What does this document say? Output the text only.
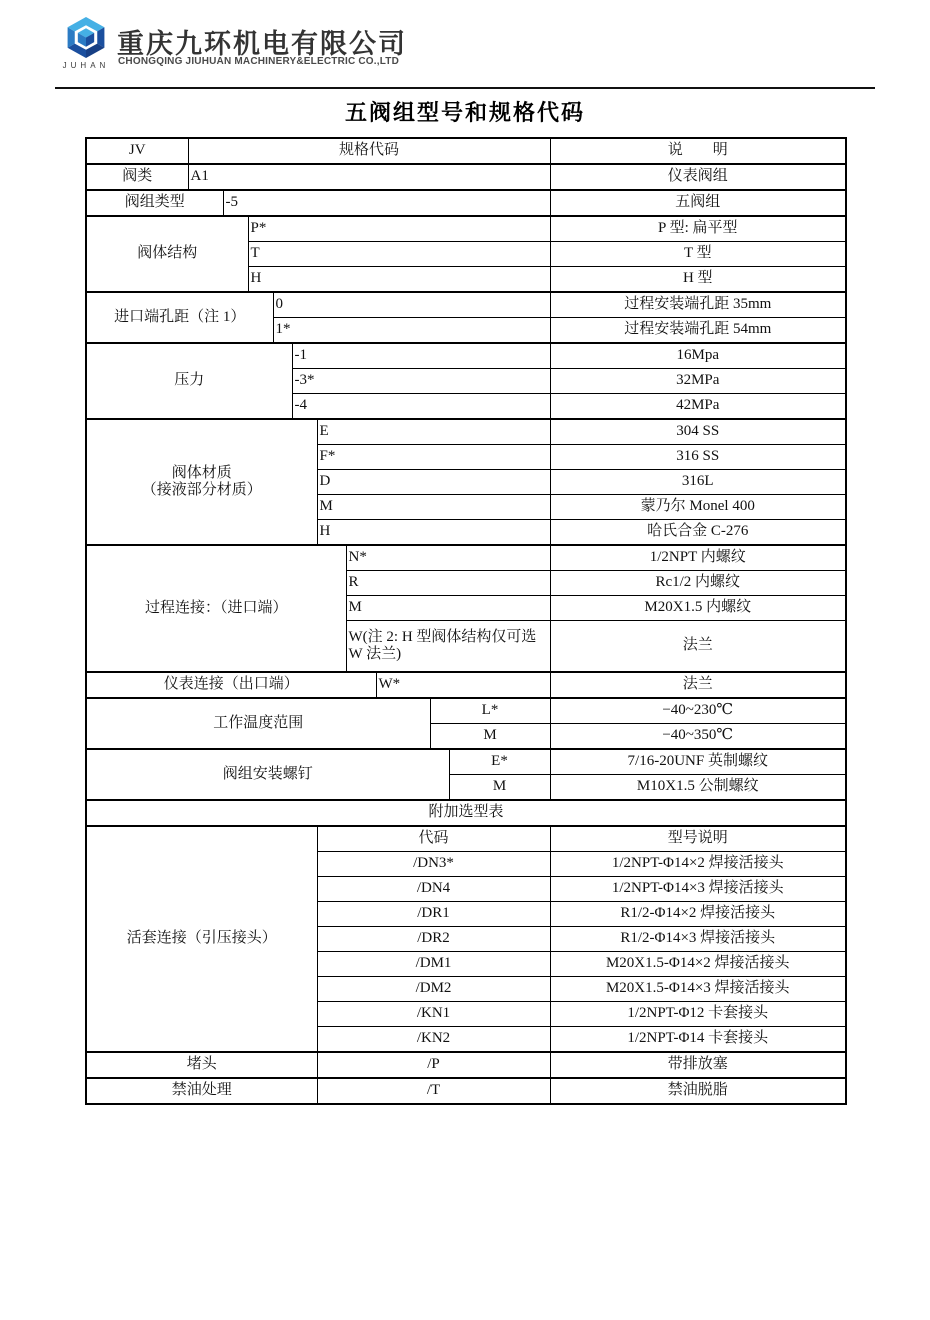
JUHAN
重庆九环机电有限公司
CHONGQING JIUHUAN MACHINERY&ELECTRIC CO.,LTD
五阀组型号和规格代码
JV	规格代码										说　　明
阀类	A1										仪表阀组
阀组类型		-5									五阀组
阀体结构			P*								P 型: 扁平型
			T								T 型
			H								H 型
进口端孔距（注 1）				0							过程安装端孔距 35mm
				1*							过程安装端孔距 54mm
压力					-1						16Mpa
					-3*						32MPa
					-4						42MPa

阀体材质
（接液部分材质）						E					304 SS
						F*					316 SS
						D					316L
						M					蒙乃尔 Monel 400
						H					哈氏合金 C-276
过程连接：（进口端）							N*				1/2NPT 内螺纹
							R				Rc1/2 内螺纹
							M				M20X1.5 内螺纹
							W(注 2: H 型阀体结构仅可选 W 法兰)				法兰
仪表连接（出口端）								W*			法兰
工作温度范围									L*		−40~230℃
									M		−40~350℃
阀组安装螺钉										E*	7/16-20UNF 英制螺纹
										M	M10X1.5 公制螺纹
附加选型表											
活套连接（引压接头）						代码					型号说明
						/DN3*					1/2NPT-Φ14×2 焊接活接头
						/DN4					1/2NPT-Φ14×3 焊接活接头
						/DR1					R1/2-Φ14×2 焊接活接头
						/DR2					R1/2-Φ14×3 焊接活接头
						/DM1					M20X1.5-Φ14×2 焊接活接头
						/DM2					M20X1.5-Φ14×3 焊接活接头
						/KN1					1/2NPT-Φ12 卡套接头
						/KN2					1/2NPT-Φ14 卡套接头
堵头						/P					带排放塞
禁油处理						/T					禁油脱脂
